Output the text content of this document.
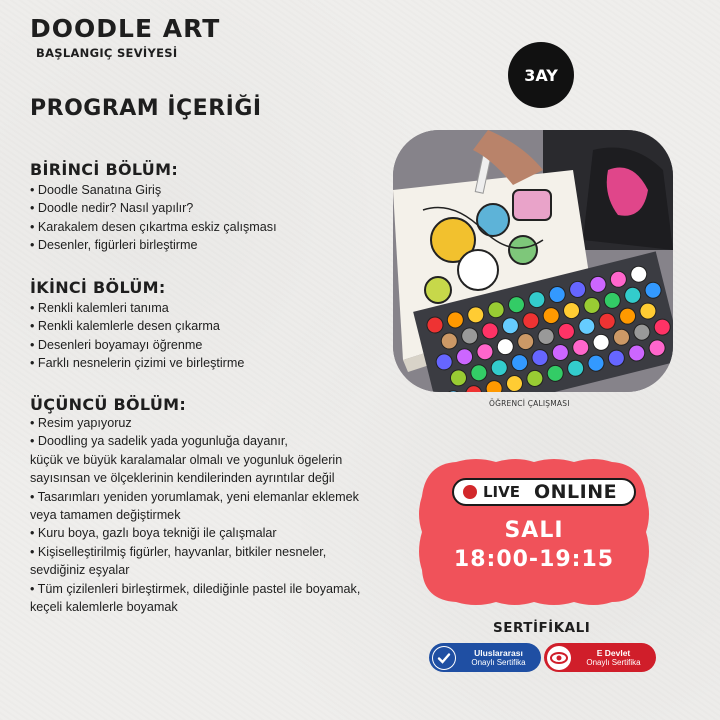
DOODLE ART
BAŞLANGIÇ SEVİYESİ
3AY
PROGRAM İÇERİĞİ
BİRİNCİ BÖLÜM:
• Doodle Sanatına Giriş
• Doodle nedir? Nasıl yapılır?
• Karakalem desen çıkartma eskiz çalışması
• Desenler, figürleri birleştirme
İKİNCİ BÖLÜM:
• Renkli kalemleri tanıma
• Renkli kalemlerle desen çıkarma
• Desenleri boyamayı öğrenme
• Farklı nesnelerin çizimi ve birleştirme
ÜÇÜNCÜ BÖLÜM:
• Resim yapıyoruz
• Doodling ya sadelik yada yogunluğa dayanır,
küçük ve büyük karalamalar olmalı ve yogunluk ögelerin
sayısınsan ve ölçeklerinin kendilerinden ayrıntılar değil
• Tasarımları yeniden yorumlamak, yeni elemanlar eklemek
veya tamamen değiştirmek
• Kuru boya, gazlı boya tekniği ile çalışmalar
• Kişiselleştirilmiş figürler, hayvanlar, bitkiler nesneler,
sevdiğiniz eşyalar
• Tüm çizilenleri birleştirmek, dilediğinle pastel ile boyamak,
keçeli kalemlerle boyamak
ÖĞRENCİ ÇALIŞMASI
LIVE ONLINE
SALI
18:00-19:15
SERTİFİKALI
Uluslararası
Onaylı Sertifika
E Devlet
Onaylı Sertifika
